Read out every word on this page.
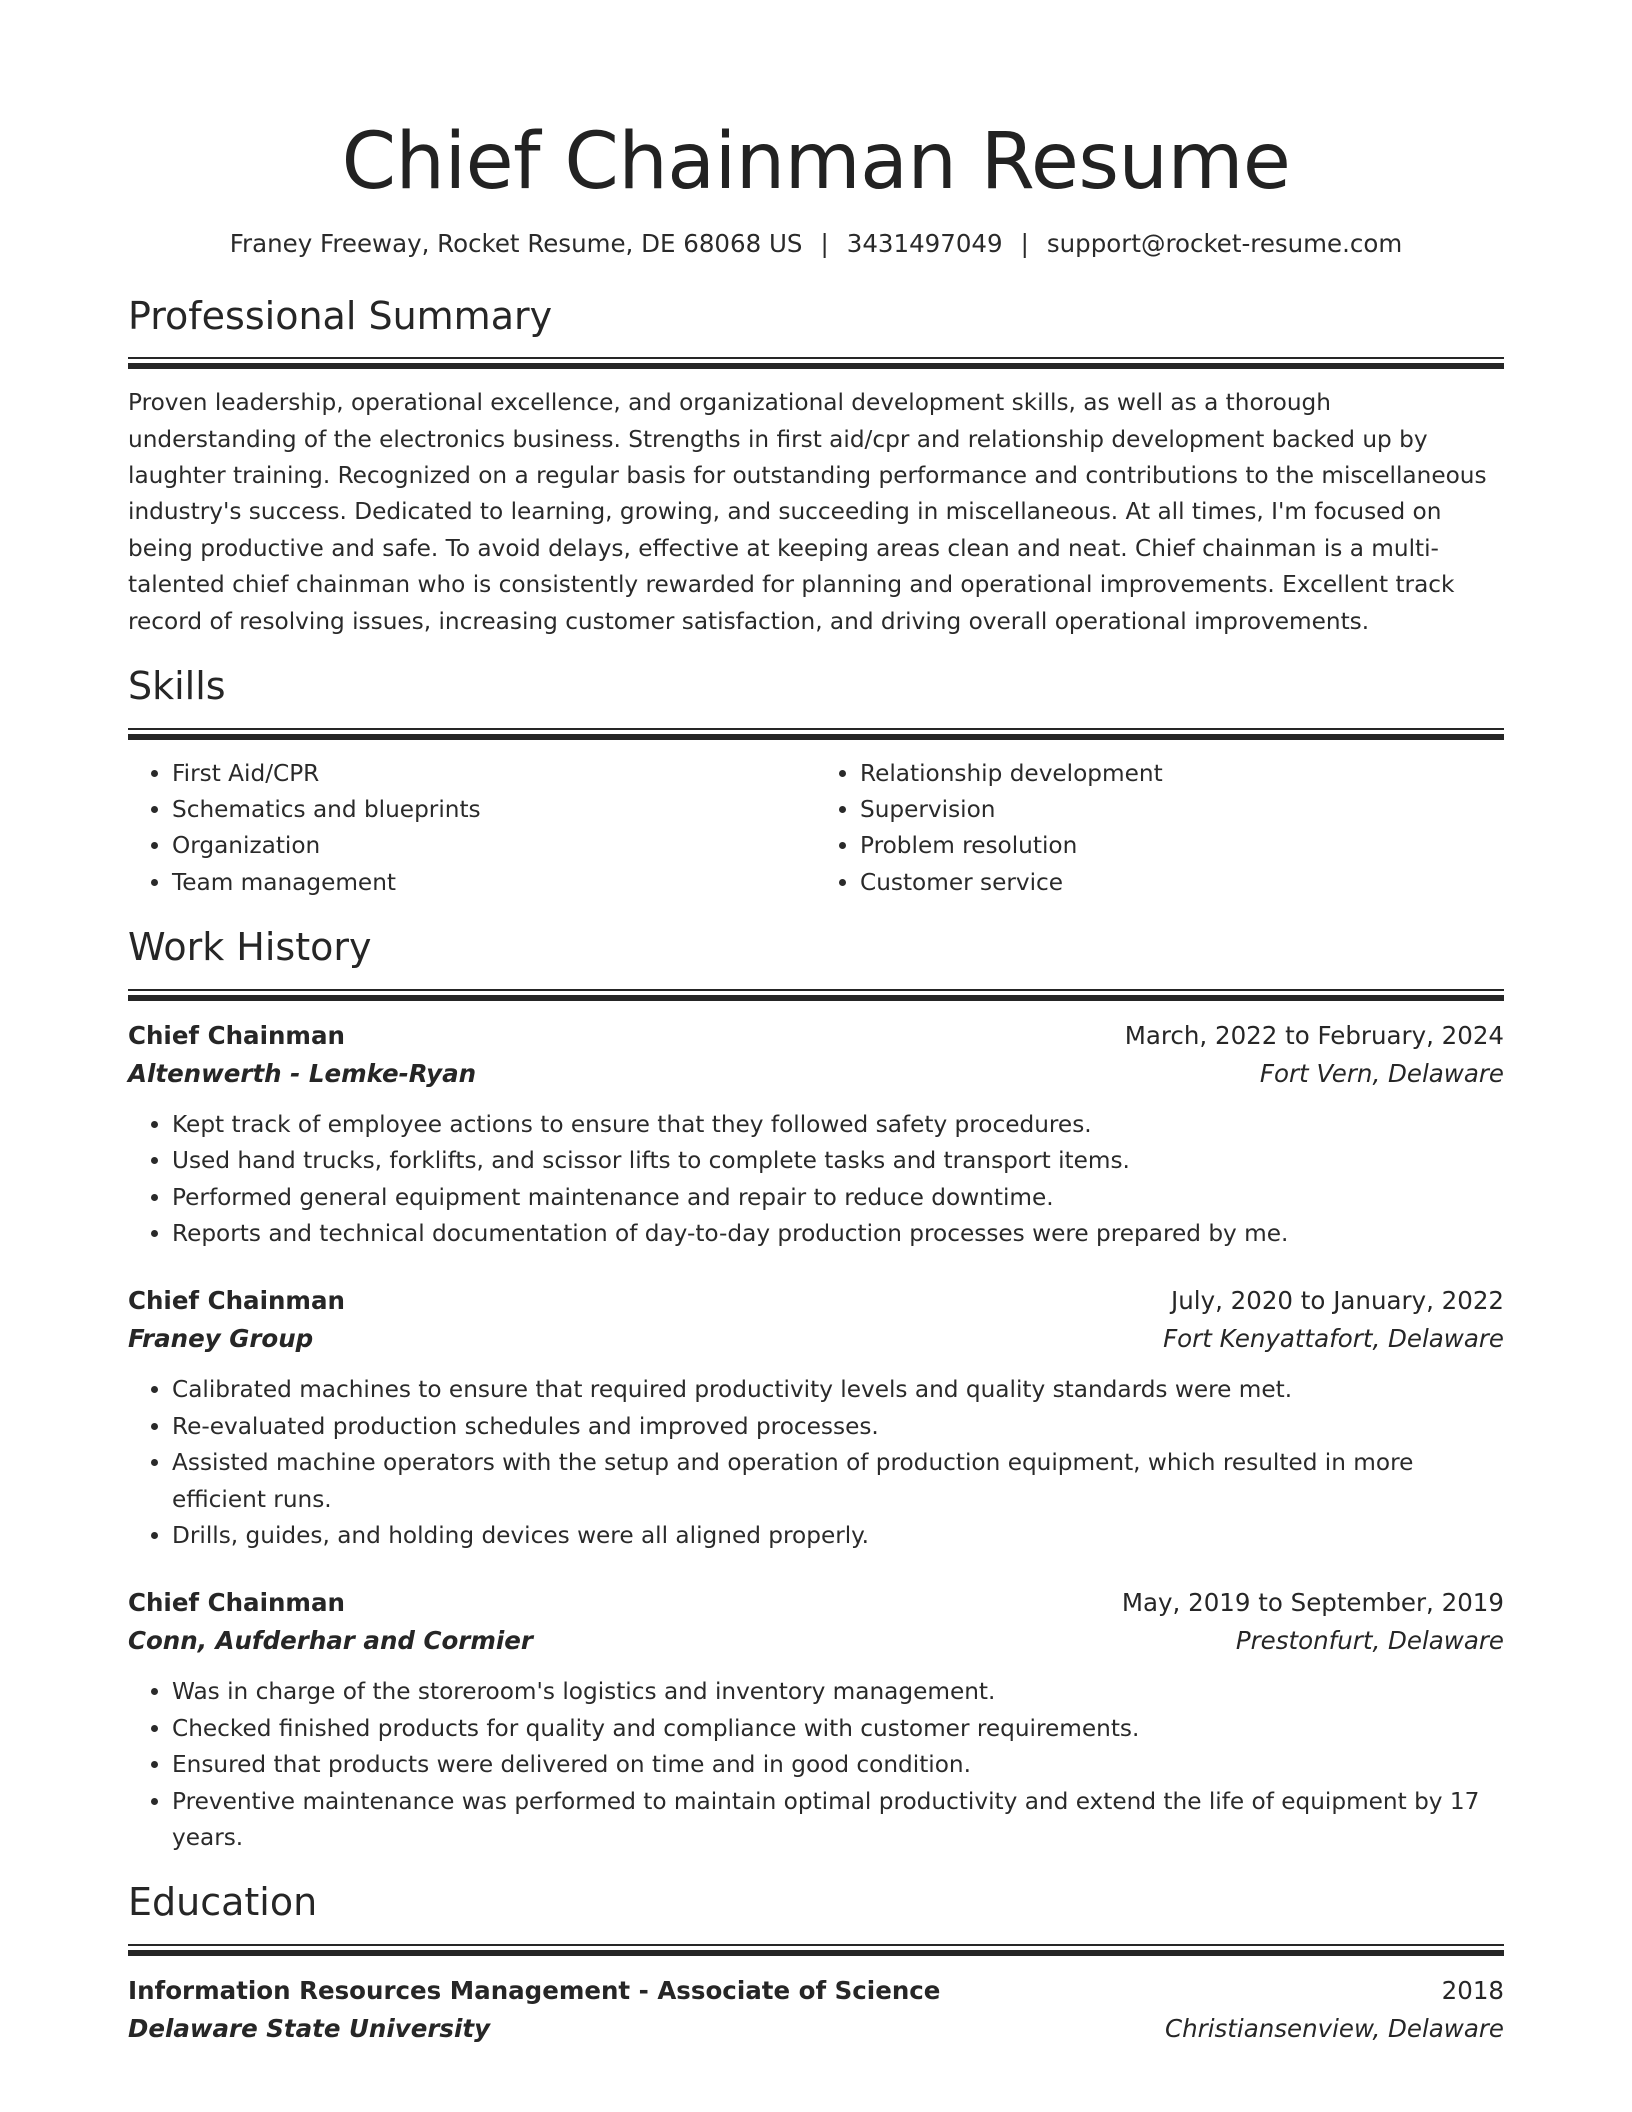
Chief Chainman Resume
Franey Freeway, Rocket Resume, DE 68068 US | 3431497049 | support@rocket-resume.com
Professional Summary

Proven leadership, operational excellence, and organizational development skills, as well as a thorough understanding of the electronics business. Strengths in first aid/cpr and relationship development backed up by laughter training. Recognized on a regular basis for outstanding performance and contributions to the miscellaneous industry's success. Dedicated to learning, growing, and succeeding in miscellaneous. At all times, I'm focused on being productive and safe. To avoid delays, effective at keeping areas clean and neat. Chief chainman is a multi-talented chief chainman who is consistently rewarded for planning and operational improvements. Excellent track record of resolving issues, increasing customer satisfaction, and driving overall operational improvements.

Skills
• First Aid/CPR
• Schematics and blueprints
• Organization
• Team management
• Relationship development
• Supervision
• Problem resolution
• Customer service
Work History
Chief Chainman	March, 2022 to February, 2024
Altenwerth - Lemke-Ryan	Fort Vern, Delaware
• Kept track of employee actions to ensure that they followed safety procedures.
• Used hand trucks, forklifts, and scissor lifts to complete tasks and transport items.
• Performed general equipment maintenance and repair to reduce downtime.
• Reports and technical documentation of day-to-day production processes were prepared by me.
Chief Chainman	July, 2020 to January, 2022
Franey Group	Fort Kenyattafort, Delaware
• Calibrated machines to ensure that required productivity levels and quality standards were met.
• Re-evaluated production schedules and improved processes.
• Assisted machine operators with the setup and operation of production equipment, which resulted in more efficient runs.
• Drills, guides, and holding devices were all aligned properly.
Chief Chainman	May, 2019 to September, 2019
Conn, Aufderhar and Cormier	Prestonfurt, Delaware
• Was in charge of the storeroom's logistics and inventory management.
• Checked finished products for quality and compliance with customer requirements.
• Ensured that products were delivered on time and in good condition.
• Preventive maintenance was performed to maintain optimal productivity and extend the life of equipment by 17 years.
Education
Information Resources Management - Associate of Science	2018
Delaware State University	Christiansenview, Delaware
